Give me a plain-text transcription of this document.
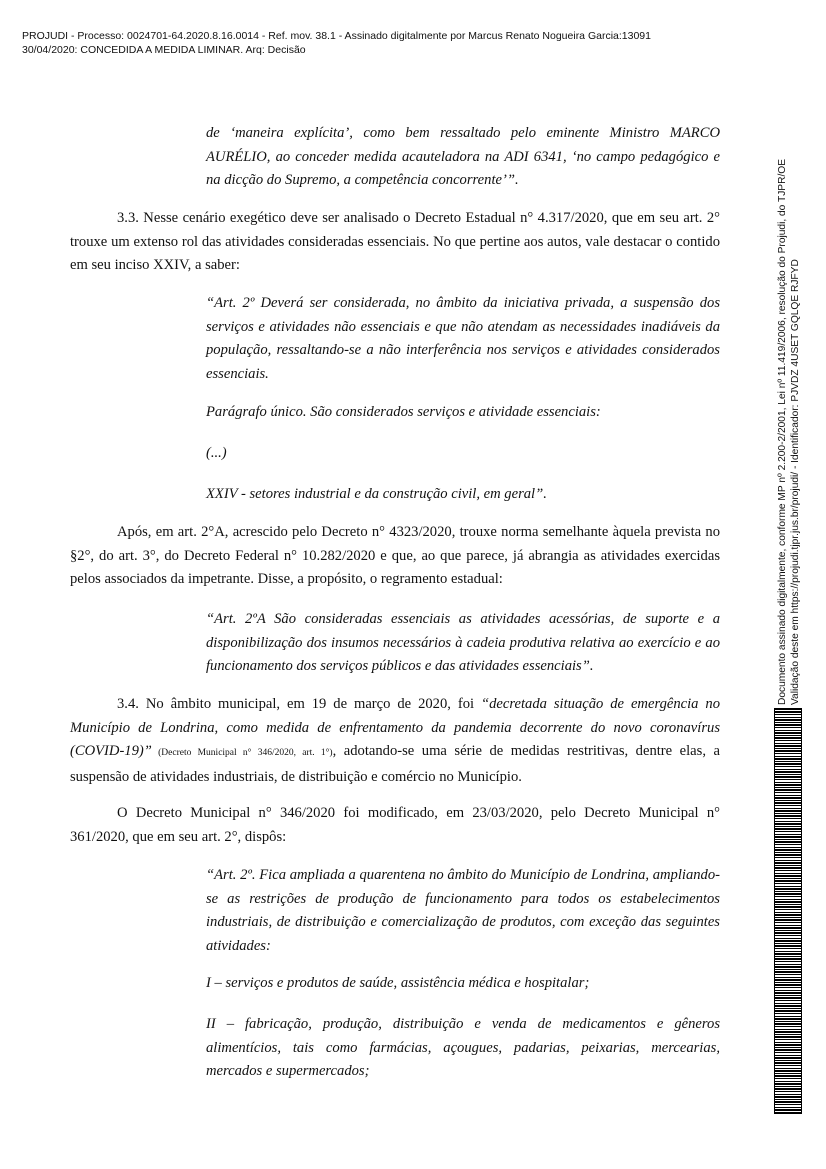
PROJUDI - Processo: 0024701-64.2020.8.16.0014 - Ref. mov. 38.1 - Assinado digitalmente por Marcus Renato Nogueira Garcia:13091
30/04/2020: CONCEDIDA A MEDIDA LIMINAR. Arq: Decisão

de ‘maneira explícita’, como bem ressaltado pelo eminente Ministro MARCO AURÉLIO, ao conceder medida acauteladora na ADI 6341, ‘no campo pedagógico e na dicção do Supremo, a competência concorrente’”.

3.3. Nesse cenário exegético deve ser analisado o Decreto Estadual n° 4.317/2020, que em seu art. 2° trouxe um extenso rol das atividades consideradas essenciais. No que pertine aos autos, vale destacar o contido em seu inciso XXIV, a saber:

“Art. 2º Deverá ser considerada, no âmbito da iniciativa privada, a suspensão dos serviços e atividades não essenciais e que não atendam as necessidades inadiáveis da população, ressaltando-se a não interferência nos serviços e atividades considerados essenciais.

Parágrafo único. São considerados serviços e atividade essenciais:

(...)

XXIV - setores industrial e da construção civil, em geral”.

Após, em art. 2°A, acrescido pelo Decreto n° 4323/2020, trouxe norma semelhante àquela prevista no §2°, do art. 3°, do Decreto Federal n° 10.282/2020 e que, ao que parece, já abrangia as atividades exercidas pelos associados da impetrante. Disse, a propósito, o regramento estadual:

“Art. 2ºA São consideradas essenciais as atividades acessórias, de suporte e a disponibilização dos insumos necessários à cadeia produtiva relativa ao exercício e ao funcionamento dos serviços públicos e das atividades essenciais”.

3.4. No âmbito municipal, em 19 de março de 2020, foi “decretada situação de emergência no Município de Londrina, como medida de enfrentamento da pandemia decorrente do novo coronavírus (COVID-19)” (Decreto Municipal n° 346/2020, art. 1°), adotando-se uma série de medidas restritivas, dentre elas, a suspensão de atividades industriais, de distribuição e comércio no Município.

O Decreto Municipal n° 346/2020 foi modificado, em 23/03/2020, pelo Decreto Municipal n° 361/2020, que em seu art. 2°, dispôs:

“Art. 2º. Fica ampliada a quarentena no âmbito do Município de Londrina, ampliando-se as restrições de produção de funcionamento para todos os estabelecimentos industriais, de distribuição e comercialização de produtos, com exceção das seguintes atividades:

I – serviços e produtos de saúde, assistência médica e hospitalar;

II – fabricação, produção, distribuição e venda de medicamentos e gêneros alimentícios, tais como farmácias, açougues, padarias, peixarias, mercearias, mercados e supermercados;

Documento assinado digitalmente, conforme MP nº 2.200-2/2001, Lei nº 11.419/2006, resolução do Projudi, do TJPR/OE Validação deste em https://projudi.tjpr.jus.br/projudi/ - Identificador: PJVDZ 4USET GQLQE RJFYD
